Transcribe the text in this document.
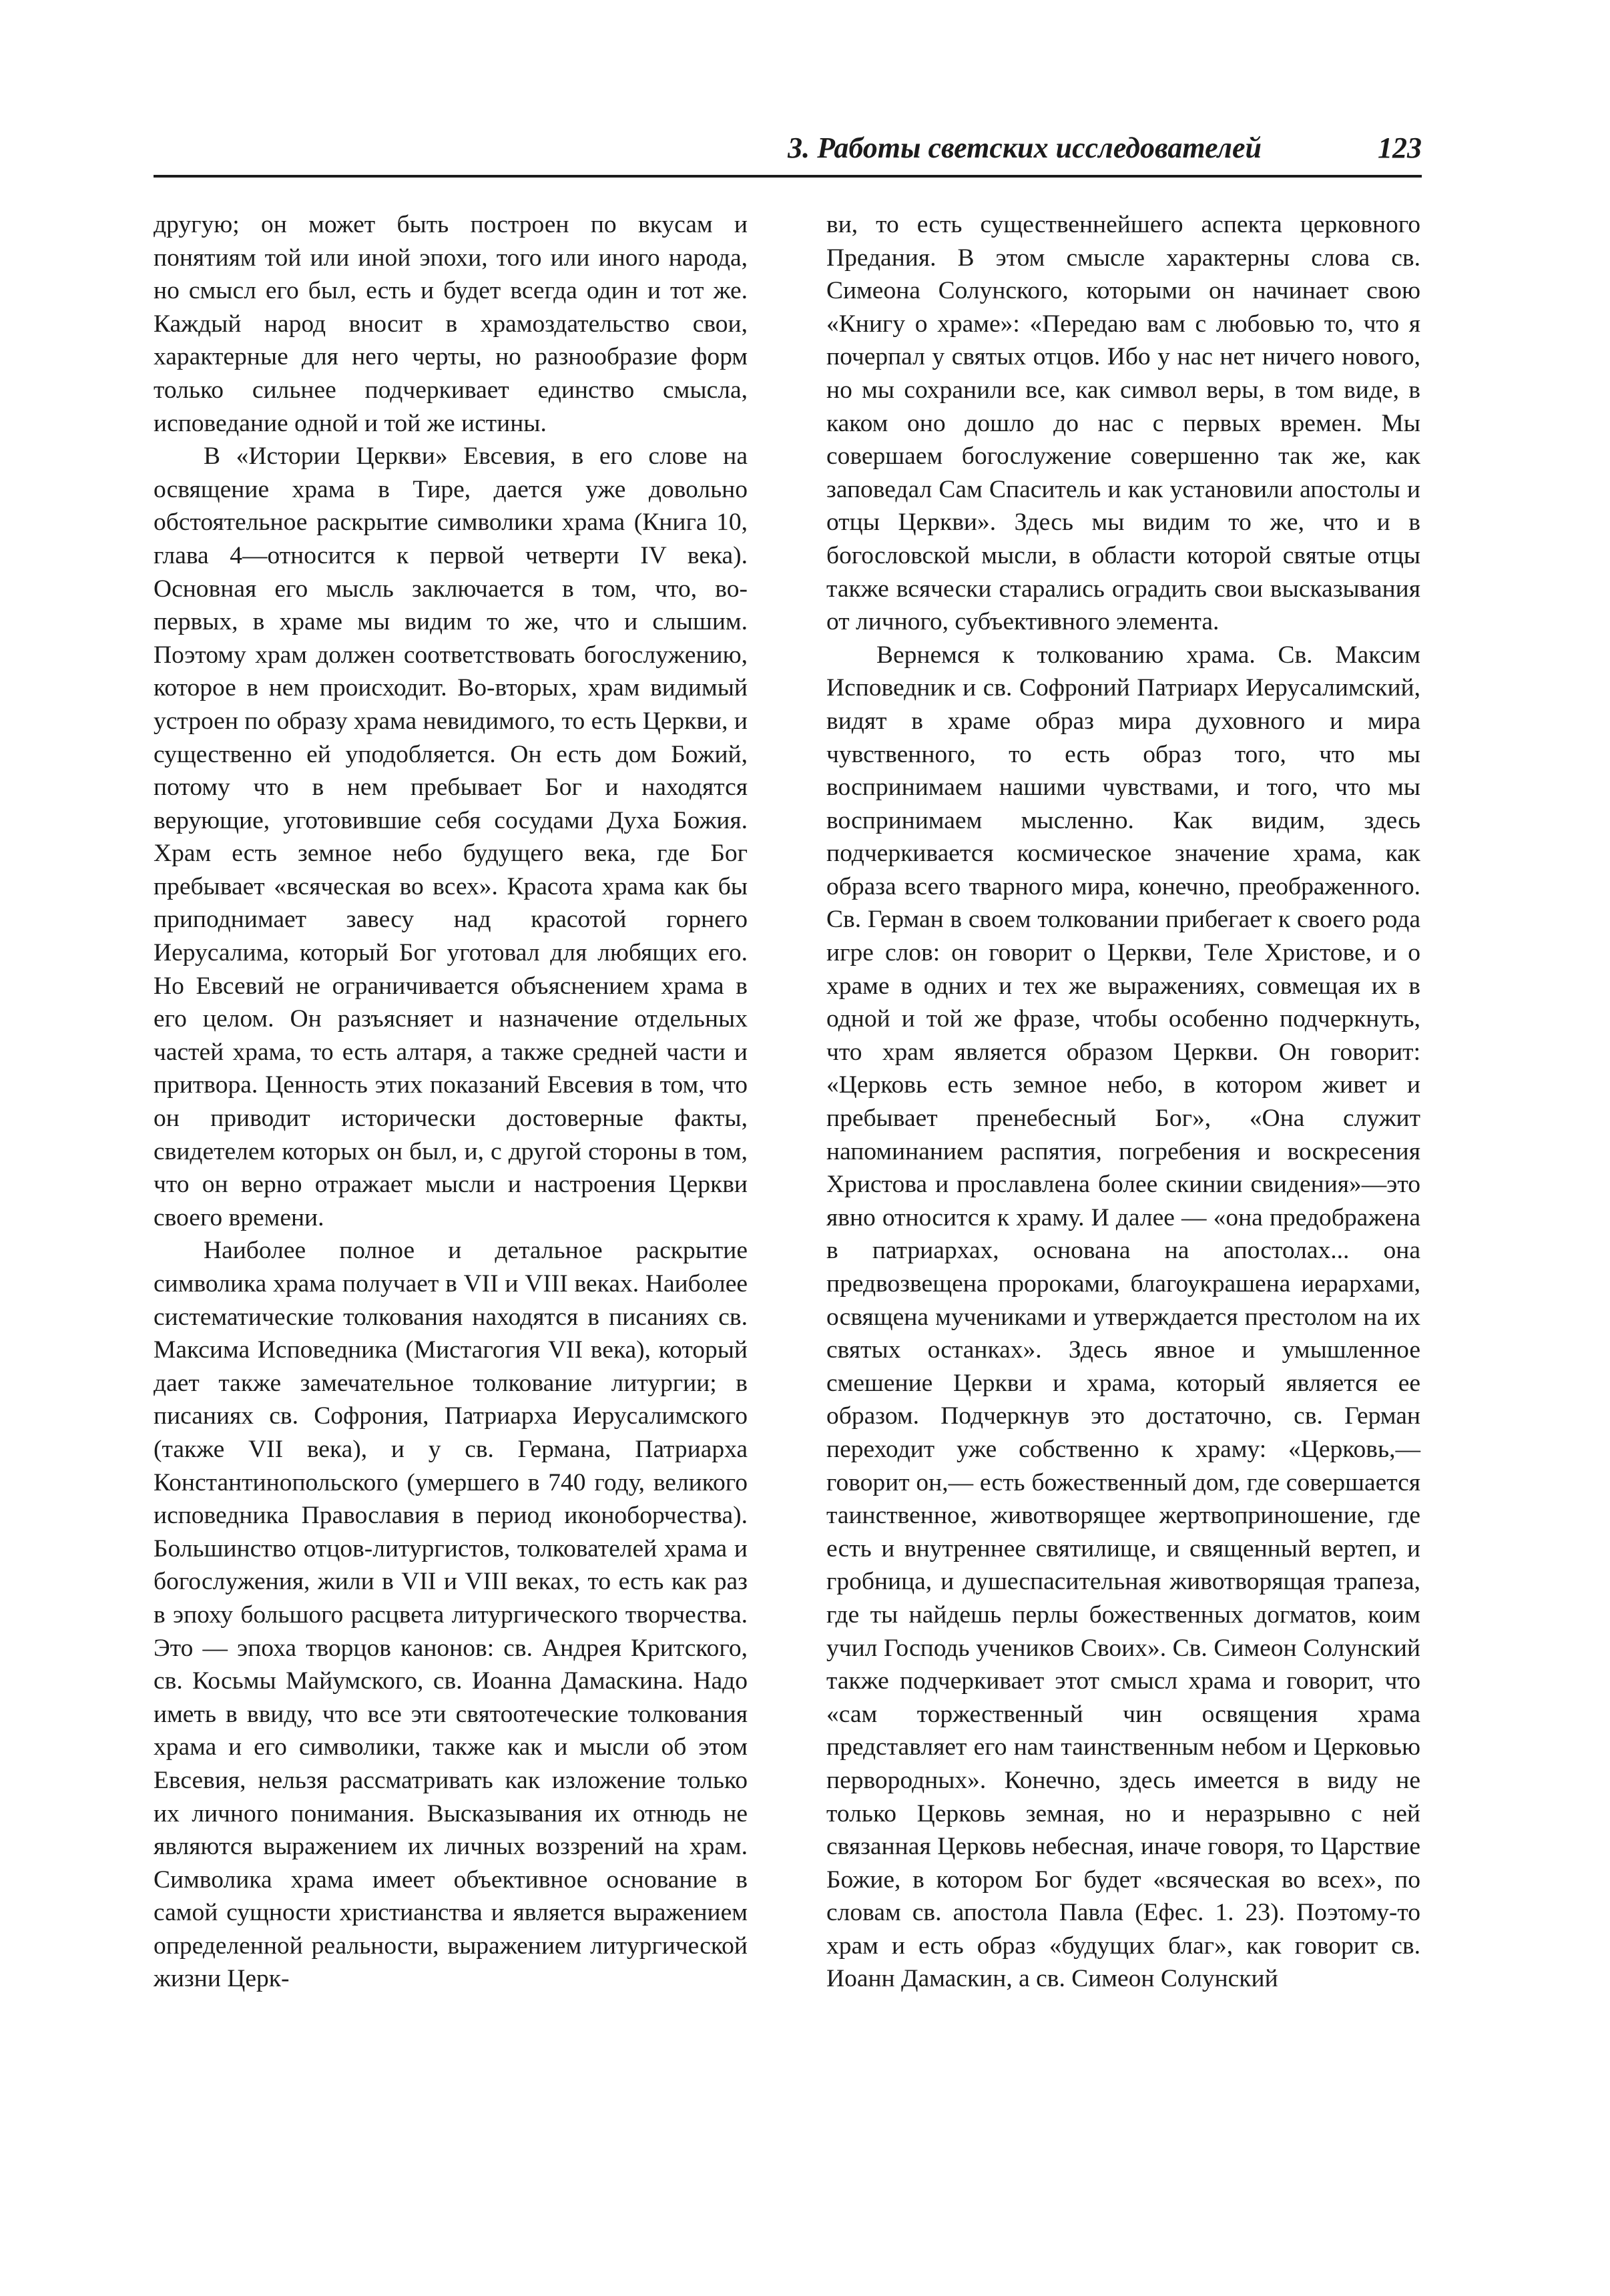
3. Работы светских исследователей	123

другую; он может быть построен по вкусам и понятиям той или иной эпохи, того или иного народа, но смысл его был, есть и будет всегда один и тот же. Каждый народ вносит в храмоздательство свои, характерные для него черты, но разнообразие форм только сильнее подчеркивает единство смысла, исповедание одной и той же истины.

В «Истории Церкви» Евсевия, в его слове на освящение храма в Тире, дается уже довольно обстоятельное раскрытие символики храма (Книга 10, глава 4—относится к первой четверти IV века). Основная его мысль заключается в том, что, во-первых, в храме мы видим то же, что и слышим. Поэтому храм должен соответствовать богослужению, которое в нем происходит. Во-вторых, храм видимый устроен по образу храма невидимого, то есть Церкви, и существенно ей уподобляется. Он есть дом Божий, потому что в нем пребывает Бог и находятся верующие, уготовившие себя сосудами Духа Божия. Храм есть земное небо будущего века, где Бог пребывает «всяческая во всех». Красота храма как бы приподнимает завесу над красотой горнего Иерусалима, который Бог уготовал для любящих его. Но Евсевий не ограничивается объяснением храма в его целом. Он разъясняет и назначение отдельных частей храма, то есть алтаря, а также средней части и притвора. Ценность этих показаний Евсевия в том, что он приводит исторически достоверные факты, свидетелем которых он был, и, с другой стороны в том, что он верно отражает мысли и настроения Церкви своего времени.

Наиболее полное и детальное раскрытие символика храма получает в VII и VIII веках. Наиболее систематические толкования находятся в писаниях св. Максима Исповедника (Мистагогия VII века), который дает также замечательное толкование литургии; в писаниях св. Софрония, Патриарха Иерусалимского (также VII века), и у св. Германа, Патриарха Константинопольского (умершего в 740 году, великого исповедника Православия в период иконоборчества). Большинство отцов-литургистов, толкователей храма и богослужения, жили в VII и VIII веках, то есть как раз в эпоху большого расцвета литургического творчества. Это — эпоха творцов канонов: св. Андрея Критского, св. Косьмы Майумского, св. Иоанна Дамаскина. Надо иметь в ввиду, что все эти святоотеческие толкования храма и его символики, также как и мысли об этом Евсевия, нельзя рассматривать как изложение только их личного понимания. Высказывания их отнюдь не являются выражением их личных воззрений на храм. Символика храма имеет объективное основание в самой сущности христианства и является выражением определенной реальности, выражением литургической жизни Церк-

ви, то есть существеннейшего аспекта церковного Предания. В этом смысле характерны слова св. Симеона Солунского, которыми он начинает свою «Книгу о храме»: «Передаю вам с любовью то, что я почерпал у святых отцов. Ибо у нас нет ничего нового, но мы сохранили все, как символ веры, в том виде, в каком оно дошло до нас с первых времен. Мы совершаем богослужение совершенно так же, как заповедал Сам Спаситель и как установили апостолы и отцы Церкви». Здесь мы видим то же, что и в богословской мысли, в области которой святые отцы также всячески старались оградить свои высказывания от личного, субъективного элемента.

Вернемся к толкованию храма. Св. Максим Исповедник и св. Софроний Патриарх Иерусалимский, видят в храме образ мира духовного и мира чувственного, то есть образ того, что мы воспринимаем нашими чувствами, и того, что мы воспринимаем мысленно. Как видим, здесь подчеркивается космическое значение храма, как образа всего тварного мира, конечно, преображенного. Св. Герман в своем толковании прибегает к своего рода игре слов: он говорит о Церкви, Теле Христове, и о храме в одних и тех же выражениях, совмещая их в одной и той же фразе, чтобы особенно подчеркнуть, что храм является образом Церкви. Он говорит: «Церковь есть земное небо, в котором живет и пребывает пренебесный Бог», «Она служит напоминанием распятия, погребения и воскресения Христова и прославлена более скинии свидения»—это явно относится к храму. И далее — «она предображена в патриархах, основана на апостолах... она предвозвещена пророками, благоукрашена иерархами, освящена мучениками и утверждается престолом на их святых останках». Здесь явное и умышленное смешение Церкви и храма, который является ее образом. Подчеркнув это достаточно, св. Герман переходит уже собственно к храму: «Церковь,— говорит он,— есть божественный дом, где совершается таинственное, животворящее жертвоприношение, где есть и внутреннее святилище, и священный вертеп, и гробница, и душеспасительная животворящая трапеза, где ты найдешь перлы божественных догматов, коим учил Господь учеников Своих». Св. Симеон Солунский также подчеркивает этот смысл храма и говорит, что «сам торжественный чин освящения храма представляет его нам таинственным небом и Церковью первородных». Конечно, здесь имеется в виду не только Церковь земная, но и неразрывно с ней связанная Церковь небесная, иначе говоря, то Царствие Божие, в котором Бог будет «всяческая во всех», по словам св. апостола Павла (Ефес. 1. 23). Поэтому-то храм и есть образ «будущих благ», как говорит св. Иоанн Дамаскин, а св. Симеон Солунский
